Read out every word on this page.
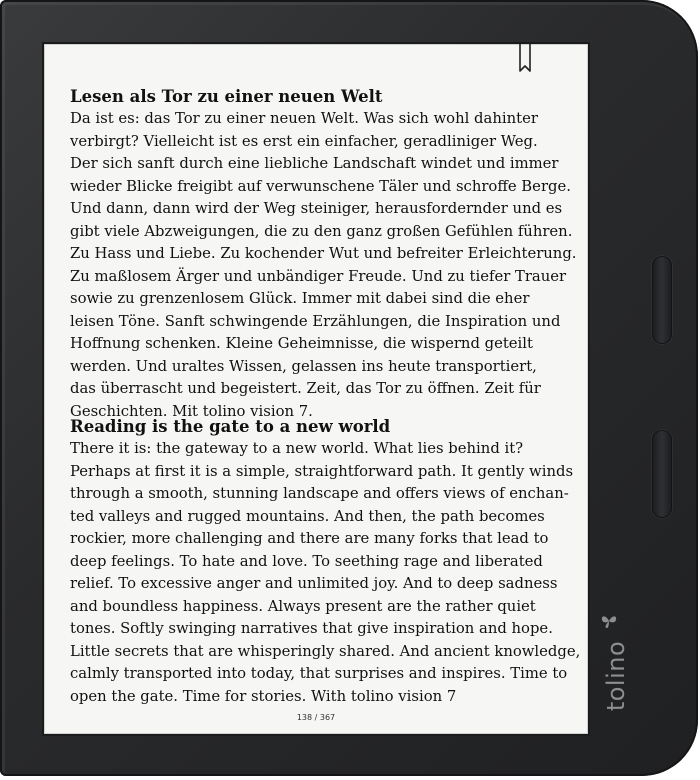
Lesen als Tor zu einer neuen Welt

Da ist es: das Tor zu einer neuen Welt. Was sich wohl dahinter
verbirgt? Vielleicht ist es erst ein einfacher, geradliniger Weg.
Der sich sanft durch eine liebliche Landschaft windet und immer
wieder Blicke freigibt auf verwunschene Täler und schroffe Berge.
Und dann, dann wird der Weg steiniger, herausfordernder und es
gibt viele Abzweigungen, die zu den ganz großen Gefühlen führen.
Zu Hass und Liebe. Zu kochender Wut und befreiter Erleichterung.
Zu maßlosem Ärger und unbändiger Freude. Und zu tiefer Trauer
sowie zu grenzenlosem Glück. Immer mit dabei sind die eher
leisen Töne. Sanft schwingende Erzählungen, die Inspiration und
Hoffnung schenken. Kleine Geheimnisse, die wispernd geteilt
werden. Und uraltes Wissen, gelassen ins heute transportiert,
das überrascht und begeistert. Zeit, das Tor zu öffnen. Zeit für
Geschichten. Mit tolino vision 7.

Reading is the gate to a new world

There it is: the gateway to a new world. What lies behind it?
Perhaps at first it is a simple, straightforward path. It gently winds
through a smooth, stunning landscape and offers views of enchan-
ted valleys and rugged mountains. And then, the path becomes
rockier, more challenging and there are many forks that lead to
deep feelings. To hate and love. To seething rage and liberated
relief. To excessive anger and unlimited joy. And to deep sadness
and boundless happiness. Always present are the rather quiet
tones. Softly swinging narratives that give inspiration and hope.
Little secrets that are whisperingly shared. And ancient knowledge,
calmly transported into today, that surprises and inspires. Time to
open the gate. Time for stories. With tolino vision 7

138 / 367
tolino
